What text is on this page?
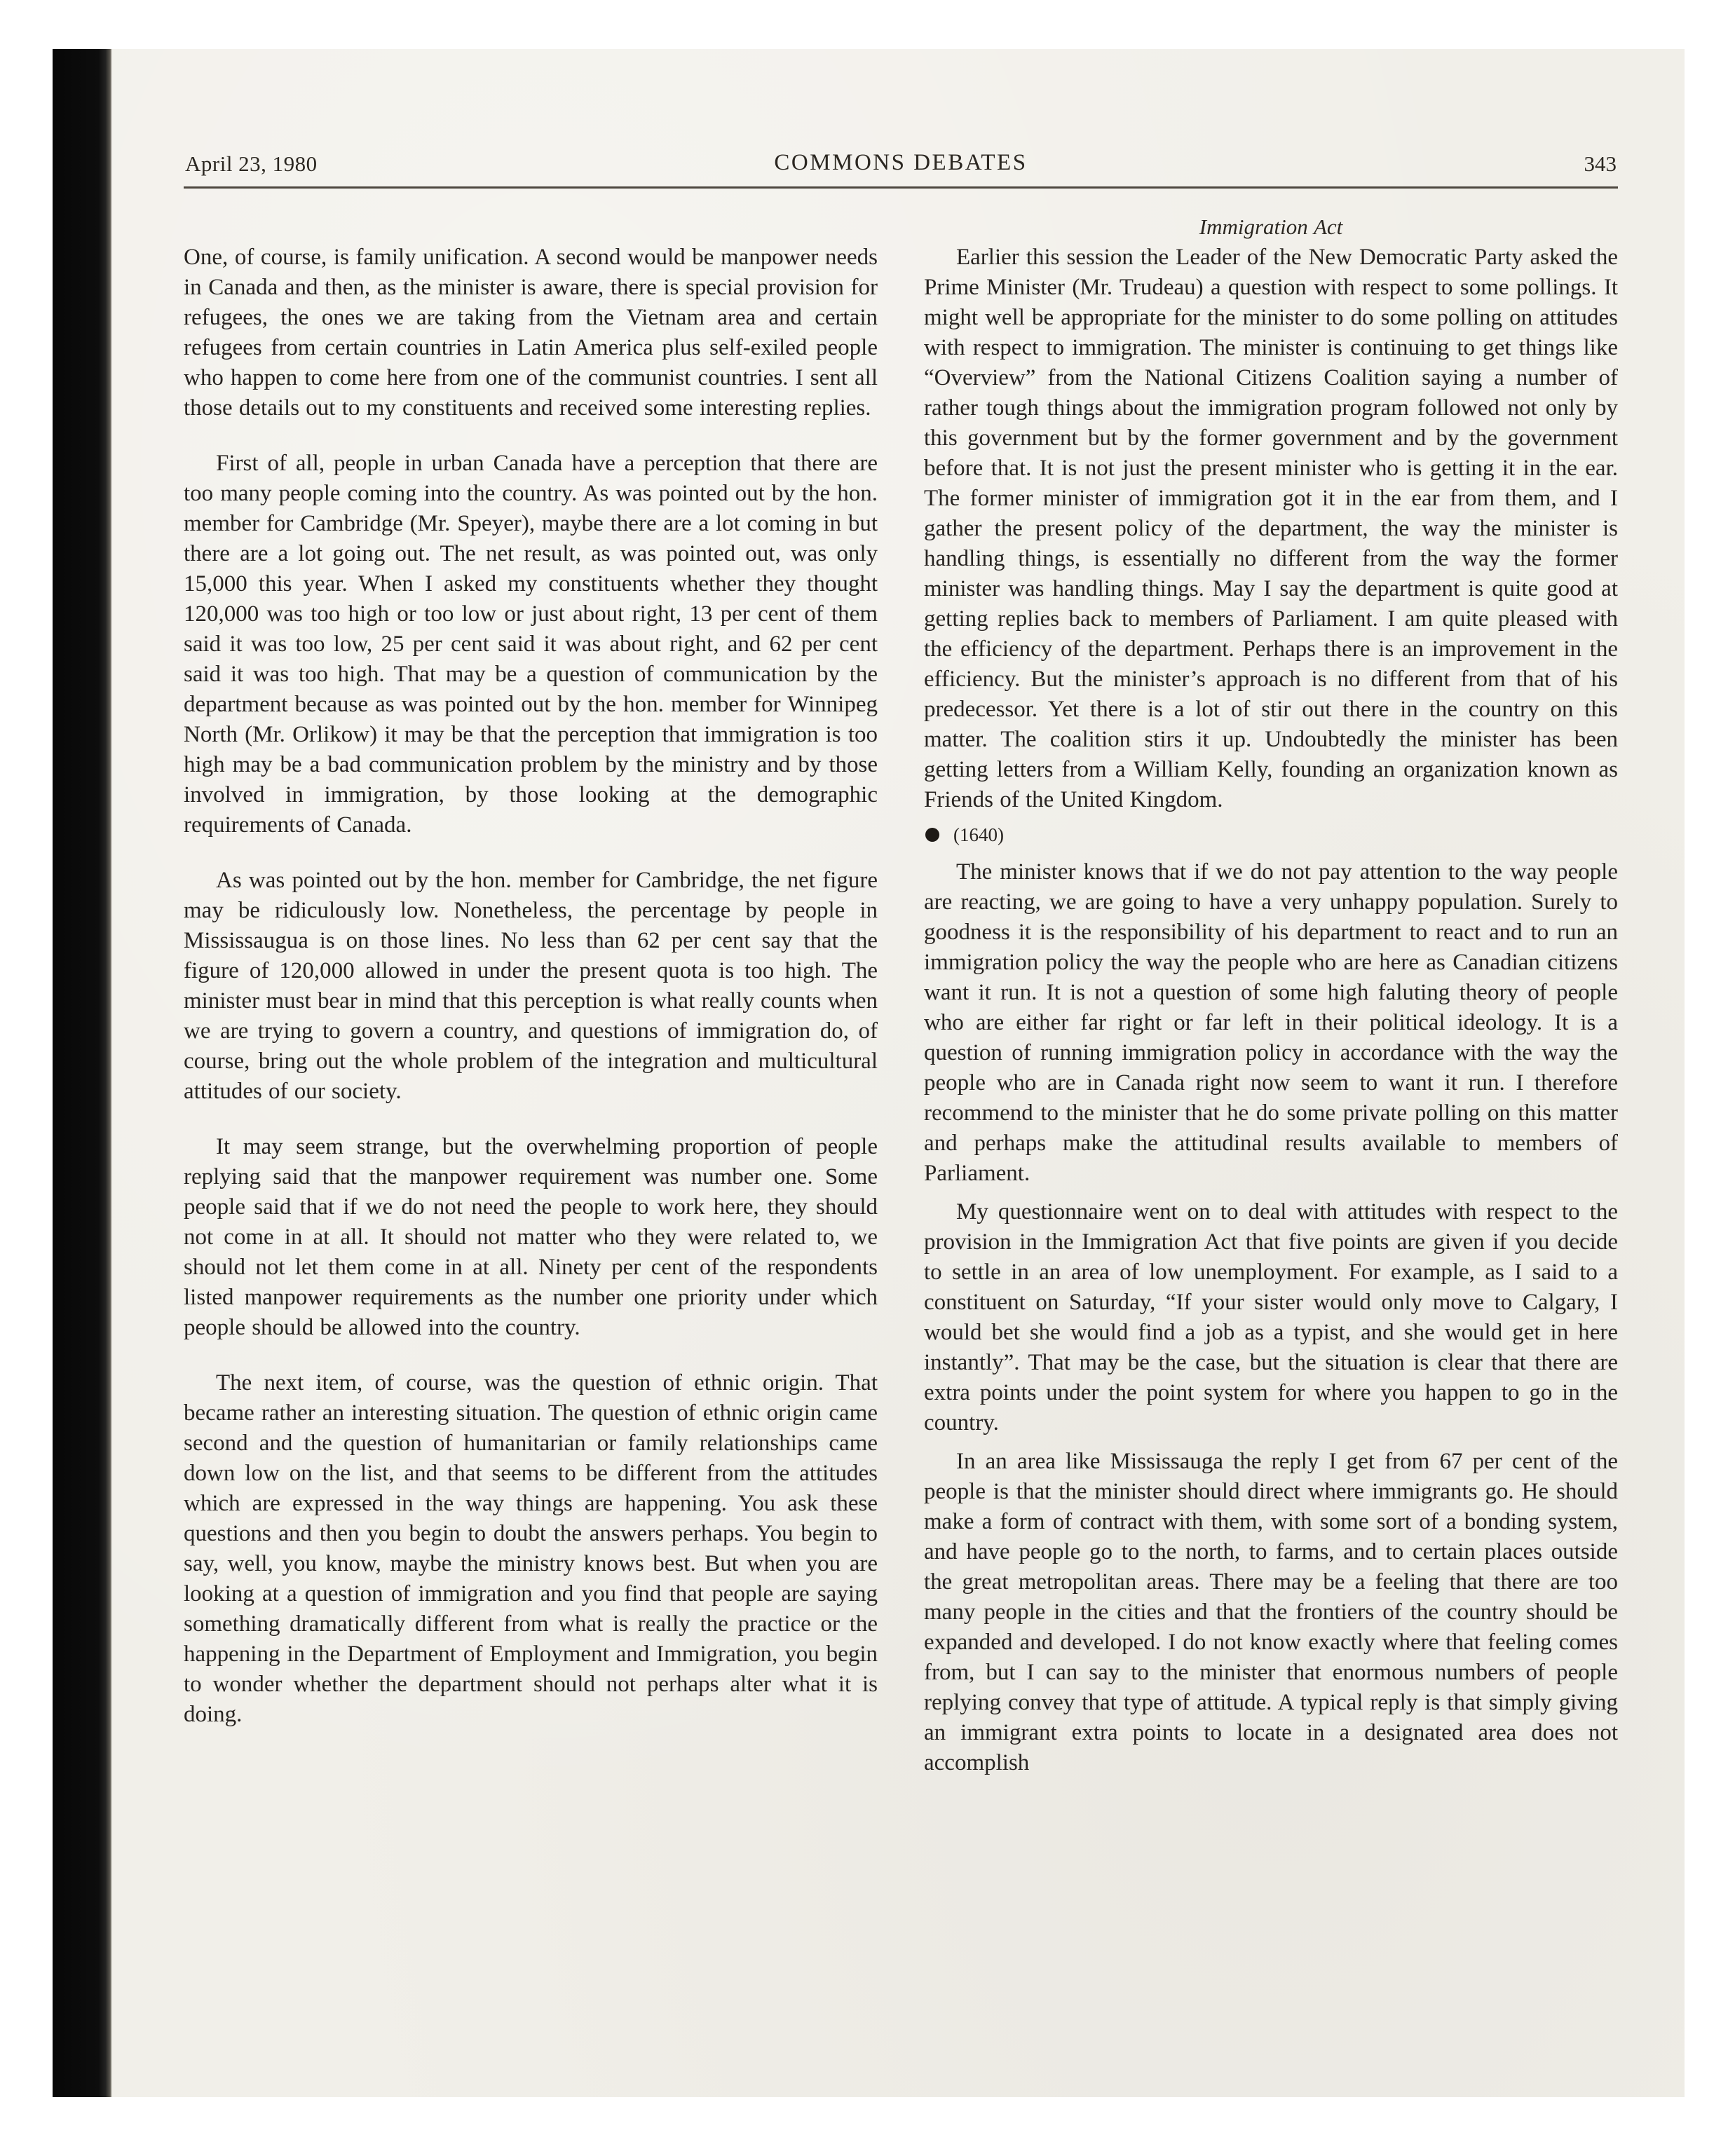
April 23, 1980	COMMONS DEBATES	343

One, of course, is family unification. A second would be manpower needs in Canada and then, as the minister is aware, there is special provision for refugees, the ones we are taking from the Vietnam area and certain refugees from certain countries in Latin America plus self-exiled people who happen to come here from one of the communist countries. I sent all those details out to my constituents and received some interesting replies.

First of all, people in urban Canada have a perception that there are too many people coming into the country. As was pointed out by the hon. member for Cambridge (Mr. Speyer), maybe there are a lot coming in but there are a lot going out. The net result, as was pointed out, was only 15,000 this year. When I asked my constituents whether they thought 120,000 was too high or too low or just about right, 13 per cent of them said it was too low, 25 per cent said it was about right, and 62 per cent said it was too high. That may be a question of communication by the department because as was pointed out by the hon. member for Winnipeg North (Mr. Orlikow) it may be that the perception that immigration is too high may be a bad communication problem by the ministry and by those involved in immigration, by those looking at the demographic requirements of Canada.

As was pointed out by the hon. member for Cambridge, the net figure may be ridiculously low. Nonetheless, the percentage by people in Mississaugua is on those lines. No less than 62 per cent say that the figure of 120,000 allowed in under the present quota is too high. The minister must bear in mind that this perception is what really counts when we are trying to govern a country, and questions of immigration do, of course, bring out the whole problem of the integration and multicultural attitudes of our society.

It may seem strange, but the overwhelming proportion of people replying said that the manpower requirement was number one. Some people said that if we do not need the people to work here, they should not come in at all. It should not matter who they were related to, we should not let them come in at all. Ninety per cent of the respondents listed manpower requirements as the number one priority under which people should be allowed into the country.

The next item, of course, was the question of ethnic origin. That became rather an interesting situation. The question of ethnic origin came second and the question of humanitarian or family relationships came down low on the list, and that seems to be different from the attitudes which are expressed in the way things are happening. You ask these questions and then you begin to doubt the answers perhaps. You begin to say, well, you know, maybe the ministry knows best. But when you are looking at a question of immigration and you find that people are saying something dramatically different from what is really the practice or the happening in the Department of Employment and Immigration, you begin to wonder whether the department should not perhaps alter what it is doing.

Immigration Act

Earlier this session the Leader of the New Democratic Party asked the Prime Minister (Mr. Trudeau) a question with respect to some pollings. It might well be appropriate for the minister to do some polling on attitudes with respect to immigration. The minister is continuing to get things like “Overview” from the National Citizens Coalition saying a number of rather tough things about the immigration program followed not only by this government but by the former government and by the government before that. It is not just the present minister who is getting it in the ear. The former minister of immigration got it in the ear from them, and I gather the present policy of the department, the way the minister is handling things, is essentially no different from the way the former minister was handling things. May I say the department is quite good at getting replies back to members of Parliament. I am quite pleased with the efficiency of the department. Perhaps there is an improvement in the efficiency. But the minister’s approach is no different from that of his predecessor. Yet there is a lot of stir out there in the country on this matter. The coalition stirs it up. Undoubtedly the minister has been getting letters from a William Kelly, founding an organization known as Friends of the United Kingdom.

(1640)

The minister knows that if we do not pay attention to the way people are reacting, we are going to have a very unhappy population. Surely to goodness it is the responsibility of his department to react and to run an immigration policy the way the people who are here as Canadian citizens want it run. It is not a question of some high faluting theory of people who are either far right or far left in their political ideology. It is a question of running immigration policy in accordance with the way the people who are in Canada right now seem to want it run. I therefore recommend to the minister that he do some private polling on this matter and perhaps make the attitudinal results available to members of Parliament.

My questionnaire went on to deal with attitudes with respect to the provision in the Immigration Act that five points are given if you decide to settle in an area of low unemployment. For example, as I said to a constituent on Saturday, “If your sister would only move to Calgary, I would bet she would find a job as a typist, and she would get in here instantly”. That may be the case, but the situation is clear that there are extra points under the point system for where you happen to go in the country.

In an area like Mississauga the reply I get from 67 per cent of the people is that the minister should direct where immigrants go. He should make a form of contract with them, with some sort of a bonding system, and have people go to the north, to farms, and to certain places outside the great metropolitan areas. There may be a feeling that there are too many people in the cities and that the frontiers of the country should be expanded and developed. I do not know exactly where that feeling comes from, but I can say to the minister that enormous numbers of people replying convey that type of attitude. A typical reply is that simply giving an immigrant extra points to locate in a designated area does not accomplish
